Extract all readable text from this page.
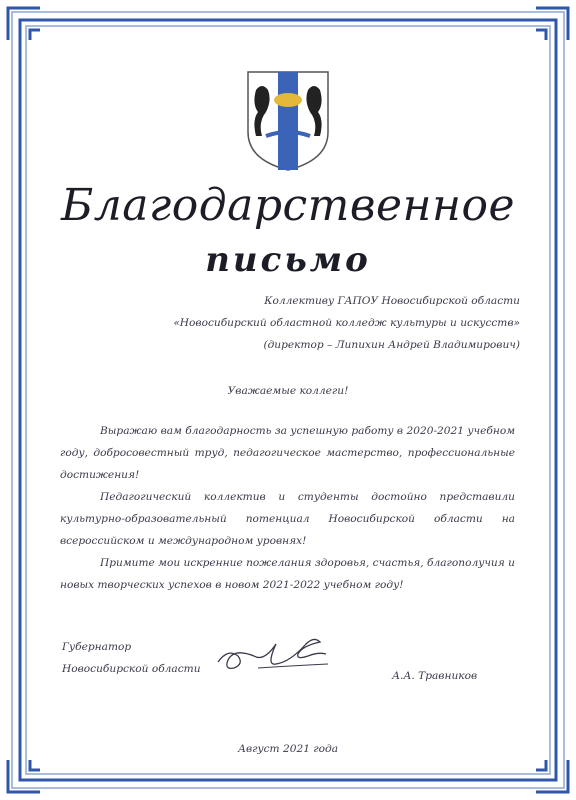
Благодарственное
письмо
Коллективу ГАПОУ Новосибирской области
«Новосибирский областной колледж культуры и искусств»
(директор – Липихин Андрей Владимирович)
Уважаемые коллеги!

Выражаю вам благодарность за успешную работу в 2020-2021 учебном году, добросовестный труд, педагогическое мастерство, профессиональные достижения!

Педагогический коллектив и студенты достойно представили культурно-образовательный потенциал Новосибирской области на всероссийском и международном уровнях!

Примите мои искренние пожелания здоровья, счастья, благополучия и новых творческих успехов в новом 2021-2022 учебном году!

Губернатор
Новосибирской области
А.А. Травников
Август 2021 года
